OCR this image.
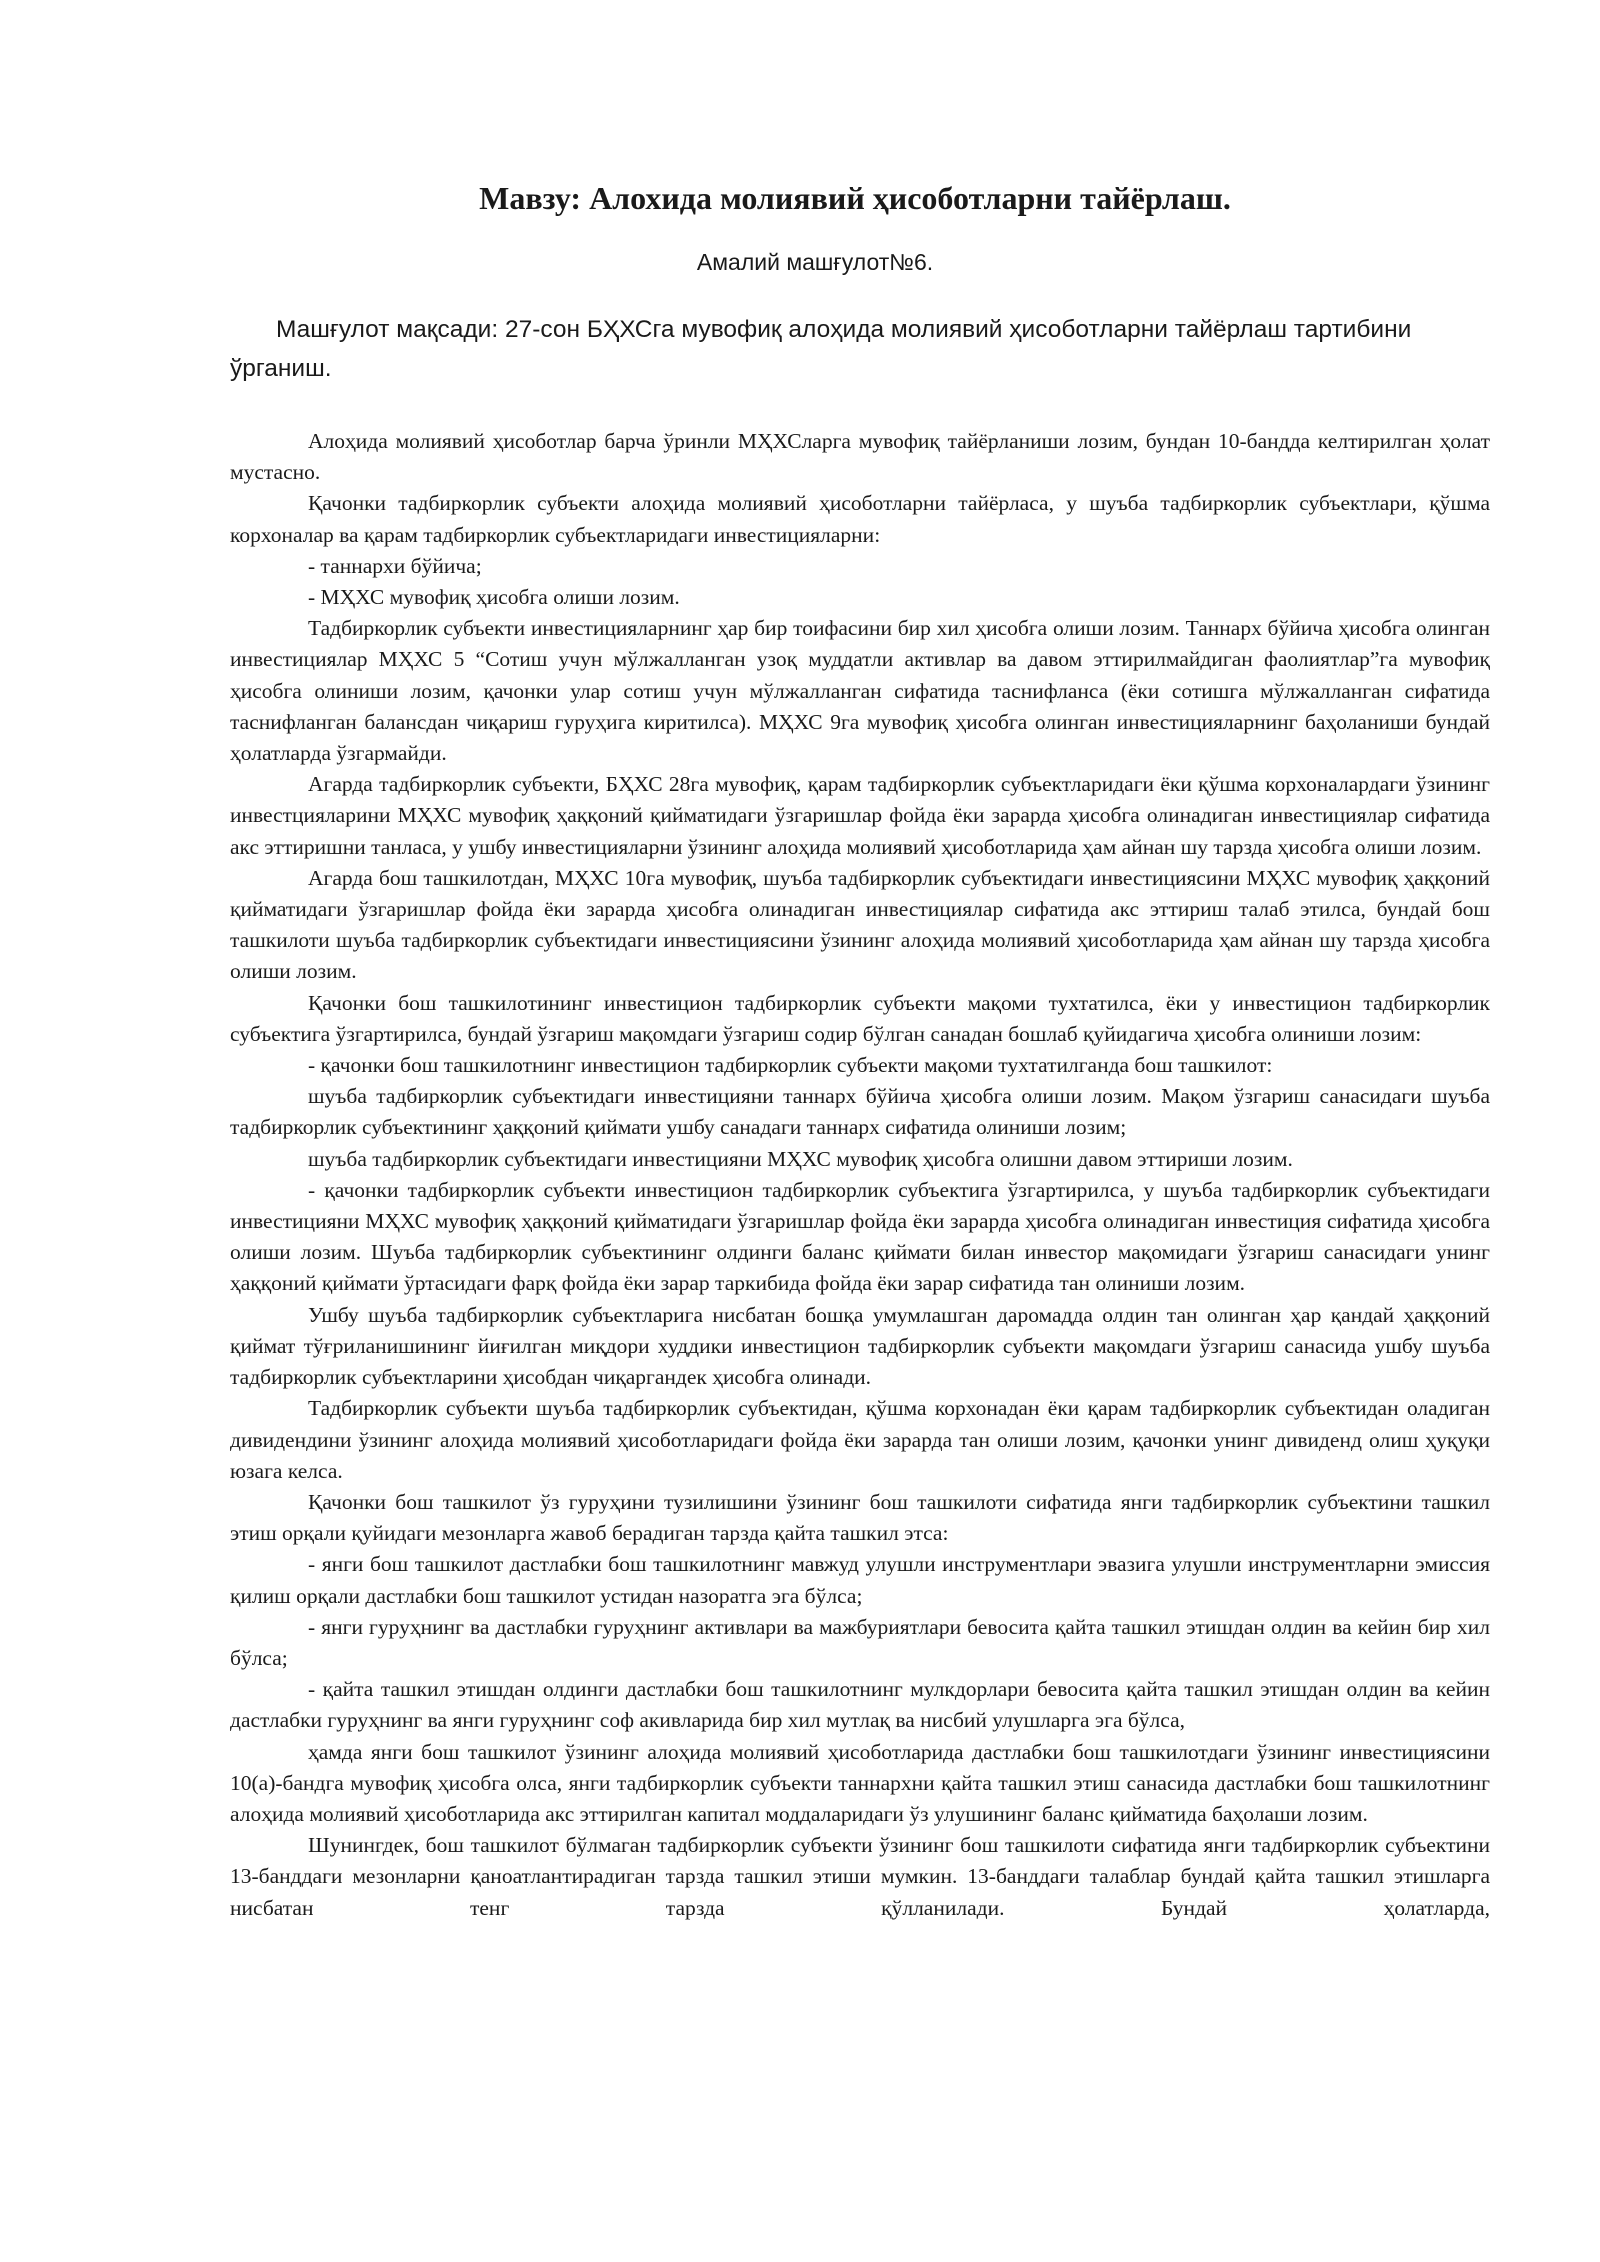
Мавзу: Алохида молиявий ҳисоботларни тайёрлаш.
Амалий машғулот№6.
Машғулот мақсади: 27-сон БҲХСга мувофиқ алоҳида молиявий ҳисоботларни тайёрлаш тартибини ўрганиш.

Алоҳида молиявий ҳисоботлар барча ўринли МҲХСларга мувофиқ тайёрланиши лозим, бундан 10-бандда келтирилган ҳолат мустасно.

Қачонки тадбиркорлик субъекти алоҳида молиявий ҳисоботларни тайёрласа, у шуъба тадбиркорлик субъектлари, қўшма корхоналар ва қарам тадбиркорлик субъектларидаги инвестицияларни:

- таннархи бўйича;

- МҲХС мувофиқ ҳисобга олиши лозим.

Тадбиркорлик субъекти инвестицияларнинг ҳар бир тоифасини бир хил ҳисобга олиши лозим. Таннарх бўйича ҳисобга олинган инвестициялар МҲХС 5 “Сотиш учун мўлжалланган узоқ муддатли активлар ва давом эттирилмайдиган фаолиятлар”га мувофиқ ҳисобга олиниши лозим, қачонки улар сотиш учун мўлжалланган сифатида таснифланса (ёки сотишга мўлжалланган сифатида таснифланган балансдан чиқариш гуруҳига киритилса). МҲХС 9га мувофиқ ҳисобга олинган инвестицияларнинг баҳоланиши бундай ҳолатларда ўзгармайди.

Агарда тадбиркорлик субъекти, БҲХС 28га мувофиқ, қарам тадбиркорлик субъектларидаги ёки қўшма корхоналардаги ўзининг инвестцияларини МҲХС мувофиқ ҳаққоний қийматидаги ўзгаришлар фойда ёки зарарда ҳисобга олинадиган инвестициялар сифатида акс эттиришни танласа, у ушбу инвестицияларни ўзининг алоҳида молиявий ҳисоботларида ҳам айнан шу тарзда ҳисобга олиши лозим.

Агарда бош ташкилотдан, МҲХС 10га мувофиқ, шуъба тадбиркорлик субъектидаги инвестициясини МҲХС мувофиқ ҳаққоний қийматидаги ўзгаришлар фойда ёки зарарда ҳисобга олинадиган инвестициялар сифатида акс эттириш талаб этилса, бундай бош ташкилоти шуъба тадбиркорлик субъектидаги инвестициясини ўзининг алоҳида молиявий ҳисоботларида ҳам айнан шу тарзда ҳисобга олиши лозим.

Қачонки бош ташкилотининг инвестицион тадбиркорлик субъекти мақоми тухтатилса, ёки у инвестицион тадбиркорлик субъектига ўзгартирилса, бундай ўзгариш мақомдаги ўзгариш содир бўлган санадан бошлаб қуйидагича ҳисобга олиниши лозим:

- қачонки бош ташкилотнинг инвестицион тадбиркорлик субъекти мақоми тухтатилганда бош ташкилот:

шуъба тадбиркорлик субъектидаги инвестицияни таннарх бўйича ҳисобга олиши лозим. Мақом ўзгариш санасидаги шуъба тадбиркорлик субъектининг ҳаққоний қиймати ушбу санадаги таннарх сифатида олиниши лозим;

шуъба тадбиркорлик субъектидаги инвестицияни МҲХС мувофиқ ҳисобга олишни давом эттириши лозим.

- қачонки тадбиркорлик субъекти инвестицион тадбиркорлик субъектига ўзгартирилса, у шуъба тадбиркорлик субъектидаги инвестицияни МҲХС мувофиқ ҳаққоний қийматидаги ўзгаришлар фойда ёки зарарда ҳисобга олинадиган инвестиция сифатида ҳисобга олиши лозим. Шуъба тадбиркорлик субъектининг олдинги баланс қиймати билан инвестор мақомидаги ўзгариш санасидаги унинг ҳаққоний қиймати ўртасидаги фарқ фойда ёки зарар таркибида фойда ёки зарар сифатида тан олиниши лозим.

Ушбу шуъба тадбиркорлик субъектларига нисбатан бошқа умумлашган даромадда олдин тан олинган ҳар қандай ҳаққоний қиймат тўғриланишининг йиғилган миқдори худдики инвестицион тадбиркорлик субъекти мақомдаги ўзгариш санасида ушбу шуъба тадбиркорлик субъектларини ҳисобдан чиқаргандек ҳисобга олинади.

Тадбиркорлик субъекти шуъба тадбиркорлик субъектидан, қўшма корхонадан ёки қарам тадбиркорлик субъектидан оладиган дивидендини ўзининг алоҳида молиявий ҳисоботларидаги фойда ёки зарарда тан олиши лозим, қачонки унинг дивиденд олиш ҳуқуқи юзага келса.

Қачонки бош ташкилот ўз гуруҳини тузилишини ўзининг бош ташкилоти сифатида янги тадбиркорлик субъектини ташкил этиш орқали қуйидаги мезонларга жавоб берадиган тарзда қайта ташкил этса:

- янги бош ташкилот дастлабки бош ташкилотнинг мавжуд улушли инструментлари эвазига улушли инструментларни эмиссия қилиш орқали дастлабки бош ташкилот устидан назоратга эга бўлса;

- янги гуруҳнинг ва дастлабки гуруҳнинг активлари ва мажбуриятлари бевосита қайта ташкил этишдан олдин ва кейин бир хил бўлса;

- қайта ташкил этишдан олдинги дастлабки бош ташкилотнинг мулкдорлари бевосита қайта ташкил этишдан олдин ва кейин дастлабки гуруҳнинг ва янги гуруҳнинг соф акивларида бир хил мутлақ ва нисбий улушларга эга бўлса,

ҳамда янги бош ташкилот ўзининг алоҳида молиявий ҳисоботларида дастлабки бош ташкилотдаги ўзининг инвестициясини 10(а)-бандга мувофиқ ҳисобга олса, янги тадбиркорлик субъекти таннархни қайта ташкил этиш санасида дастлабки бош ташкилотнинг алоҳида молиявий ҳисоботларида акс эттирилган капитал моддаларидаги ўз улушининг баланс қийматида баҳолаши лозим.

Шунингдек, бош ташкилот бўлмаган тадбиркорлик субъекти ўзининг бош ташкилоти сифатида янги тадбиркорлик субъектини 13-банддаги мезонларни қаноатлантирадиган тарзда ташкил этиши мумкин. 13-банддаги талаблар бундай қайта ташкил этишларга нисбатан тенг тарзда қўлланилади. Бундай ҳолатларда,
